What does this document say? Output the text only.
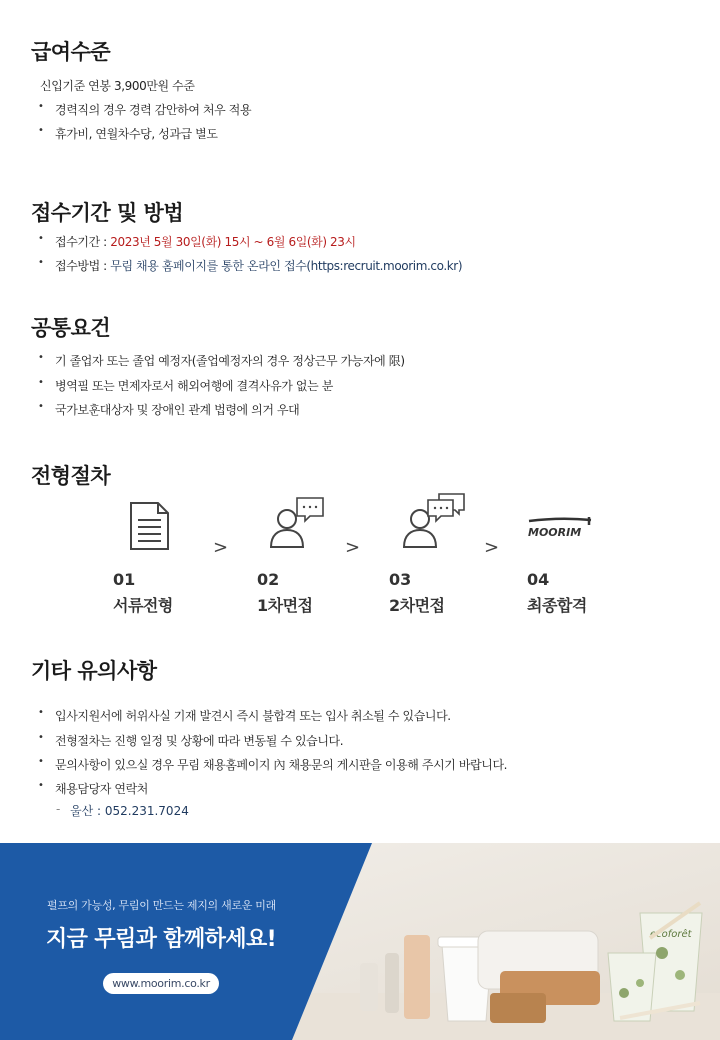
급여수준
신입기준 연봉 3,900만원 수준
• 경력직의 경우 경력 감안하여 처우 적용
• 휴가비, 연월차수당, 성과급 별도
접수기간 및 방법
• 접수기간 : 2023년 5월 30일(화) 15시 ~ 6월 6일(화) 23시
• 접수방법 : 무림 채용 홈페이지를 통한 온라인 접수(https:recruit.moorim.co.kr)
공통요건
• 기 졸업자 또는 졸업 예정자(졸업예정자의 경우 정상근무 가능자에 限)
• 병역필 또는 면제자로서 해외여행에 결격사유가 없는 분
• 국가보훈대상자 및 장애인 관계 법령에 의거 우대
전형절차
>	>	>
MOORIM
01
서류전형
02
1차면접
03
2차면접
04
최종합격
기타 유의사항
• 입사지원서에 허위사실 기재 발견시 즉시 불합격 또는 입사 취소될 수 있습니다.
• 전형절차는 진행 일정 및 상황에 따라 변동될 수 있습니다.
• 문의사항이 있으실 경우 무림 채용홈페이지 內 채용문의 게시판을 이용해 주시기 바랍니다.
• 채용담당자 연락처
- 울산 : 052.231.7024
ecoforêt
펄프의 가능성, 무림이 만드는 제지의 새로운 미래
지금 무림과 함께하세요!
www.moorim.co.kr
